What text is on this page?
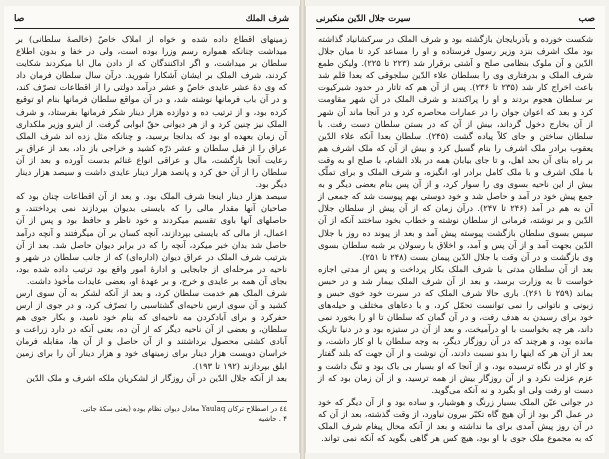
شرف الملك
صا

زمینهای اقطاع داده شده و خواه از املاک خاصّ (خالصهٔ سلطانی) بر میداشت چنانکه همواره رسم وزرا بوده است، ولی در خفا و بدون اطلاع سلطان بر میداشت، و اگر اداکنندگان که از دادن مال ابا میکردند شکایت کردند، شرف الملک بر ایشان آشکارا شورید. درآن سال سلطان فرمان داد که وی دهٔ عشر عایدی خاصّ و عشر درآمد دولتی را از اقطاعات تصرّف کند، و در آن باب فرمانها نوشته شد، و در آن مواقع سلطان فرمانها بنام او توقیع کرده بود، و از ترتیب ده و دوازده هزار دینار شکر فرمانها بفرستاد، و شرف الملک نیز چنین کرد و از هر دیوانی حقّ ابوابی گرفت. از اینرو وزیر ملکداری آن زمان بعهده او بود که بدانجا برسید، و چنانکه مثل زده اند شرف الملک عراق را از قبل سلطان و عشر ذرّه کشید و خراجی باز داد، بعد از عراق بر رعایت آنجا بازگشت، مال و عراقی انواع غنائم بدست آورده و بعد از آن سلطان را از آن حق کرد و پانصد هزار دینار عایدی داشت و سیصد هزار دینار دیگر بود.

سیصد هزار دینار اینجا شرف الملک بود. و بعد از آن اقطاعات چنان بود که صاحبان آنها مقدار مالی را که بایستی بدیوان بپردازند نمی پرداختند، و حاصلهای آنها باوی تقسیم میکردند و خود ناظر و حافظ بود و پس از آن اعمال، از مالی که بایستی بپردازند، آنچه کسان بر آن میگرفتند و آنچه درآمد حاصل شد بدان خبر میکرد، آنچه را که در برابر دیوان حاصل شد. بعد از آن بترتیب شرف الملک در عراق دیوان (اداره‌ای) که از جانب سلطان در شهر و ناحیه در مرحله‌ای از جابجایی و ادارهٔ امور واقع بود ترتیب داده شده بود، بجای آن همه بر عایدی و خرج، و بر عهدهٔ او، بعضی عایدات مأخوذ داشت.

شرف الملک هم خدمت سلطان کرد، و بعد از آنکه لشکر به آن سوی ارس کشید و آن سوی ارس ناحیه‌ای گشتاسبی را تصرّف کرد، و در جوی از ارس حفرکرد و برای آبادکردن مه ناحیه‌ای که بنام خود نامید، و بکار جوی هم سلطان، و بعضی از آن ناحیه دیگر که از آن ده، بعنی آنکه در دارد زراعت و آبادی کشتی محصول برداشتند و از آن حاصل و از آن ها، مقابله فرمان خراسان دویست هزار دینار برای زمینهای خود و هزار دینار آن را برای زمین ابلق بپردازند (۱۹۲ تا ۱۹۳).

بعد از آنکه جلال الدّین در آن روزگار از لشکریان ملکه اشرف و ملک الدّین

٤٤ در اصطلاح ترکان Yaulaq معادل دیوان نظام بوده (یعنی سکهٔ جاتی.
۴ . حاشیه
صب
سیرت جلال الدّین منکبرنی

شکست خورده و بآذربایجان بازگشته بود و شرف الملک در سرکشانیاد گذاشته بود ملک اشرف بنزد وزیر رسول فرستاده و او را مساعد کرد تا میان جلال الدّین و آن ملوک بنظامی صلح و آشتی برقرار شد (۲۲۳ تا ۲۲۵). ولیکن طمع شرف الملک و بدرفتاری وی را بسلطان علاء الدّین سلجوقی که بعدا قلم شد باعث اخراج کار شد (۲۳۵ تا ۲۳۶). پس از آن هم که تاتار در حدود شیرکیوت بر سلطان هجوم بردند و او را پراکندند و شرف الملک در آن شهر مقاومت کرد و بعد که اعوان جوان را در عمارات محاصره کرد و در آنجا ماند آن شهر از آن بخارج دخول گرداند، بیش از آن که در بستن سلطان دست رفت. با سلطان ساختن و جای کلاً پیاده گشت (۲۴۵). سلطان بعدا آنکه علاء الدّین یعقوب برادر ملک اشرف را بنام گسیل کرد و بیش از آن که ملک اشرف هم بر راه بنای آن بحد اهل، و تا جای بیابان همه در بلاد الشام، با صلح او به وقت با ملک اشرف و با ملک کامل برادر او، انگیزه، و شرف الملک و برای تملّک بیش از این ناحیه بسوی وی را سوار کرد، و از آن پس بنام بعضی دیگر و به جمع پیش خود در آمد و حاصل شد و خود دوستی بهم پیوست شد که جمعی از آن به هم در آمد (۲۴۶ تا ۲۴۷). درآن زمان که از آن پیش از سلطان جلال الدّین و بر نوشته، فرمانی از سلطان نوشته و خطاب بخود ساختند آنکه از آن سپس بسوی سلطان بازگشت پیوسته پیش آمد و بعد از پیوند ده روز با جلال الدّین بجهت آمد و از آن پس و آمد، و اخلاق با رسولان بر شبه سلطان بسوی وی بازگشت و در آن وقت با جلال الدّین پیمان بست (۲۴۸ تا ۲۵۱).

بعد از آن سلطان مدتی با شرف الملک بکار پرداخت و پس از مدتی اجازه خواست تا به وزارت برسد، و بعد از آن شرف الملک بیمار شد و در حبس بماند (۲۵۹ تا ۲۶۱). باری حالا شرف الملک که در سیرت خود خوی حبس و زبونی و ناتوانی را نمی توانست تحمّل کرد، و با دعاهای مختلف و حیله‌های خود برای رسیدن به هدف رفت، و در آن گمان که سلطان تا او را بخورد نمی داند، هر چه بخواست با او درآمیخت، و بعد از آن در ستیزه بود و در دنیا تاریک مانده بود، و هرچند که در آن روزگار دیگر، به وجه سلطان با او کار داشت، و بعد از آن هر که اینها را بدو نسبت دادند، آن نوشت و از آن جهت که بلند گفتار و کار او در نگاه ترسیده بود، و از آنجا که او بسیار بی باک بود و تنگ داشت و عزم عزلت نکرد و از آن روزگار بیش از همه ترسید، و از آن زمان بود که از دست او رفت ولی او بگیرد و نه آنکه می‌گوید.

در جوانی عیّن الملک بسیار زرنگ و هوشیار، و ساده بود و از آن دیگر که خود در عمل اگر بود از آن هیچ گاه تکبّر بیرون نیاورد، از وقت گذشته، بعد از آن که در آن روز پیش آمدی برای ما نداشته و بعد از آنکه محال پیغام شرف الملک که به مجموع ملک جوی با او بود، هیچ کس هر گاهی بگوید که آنکه نمی تواند.
